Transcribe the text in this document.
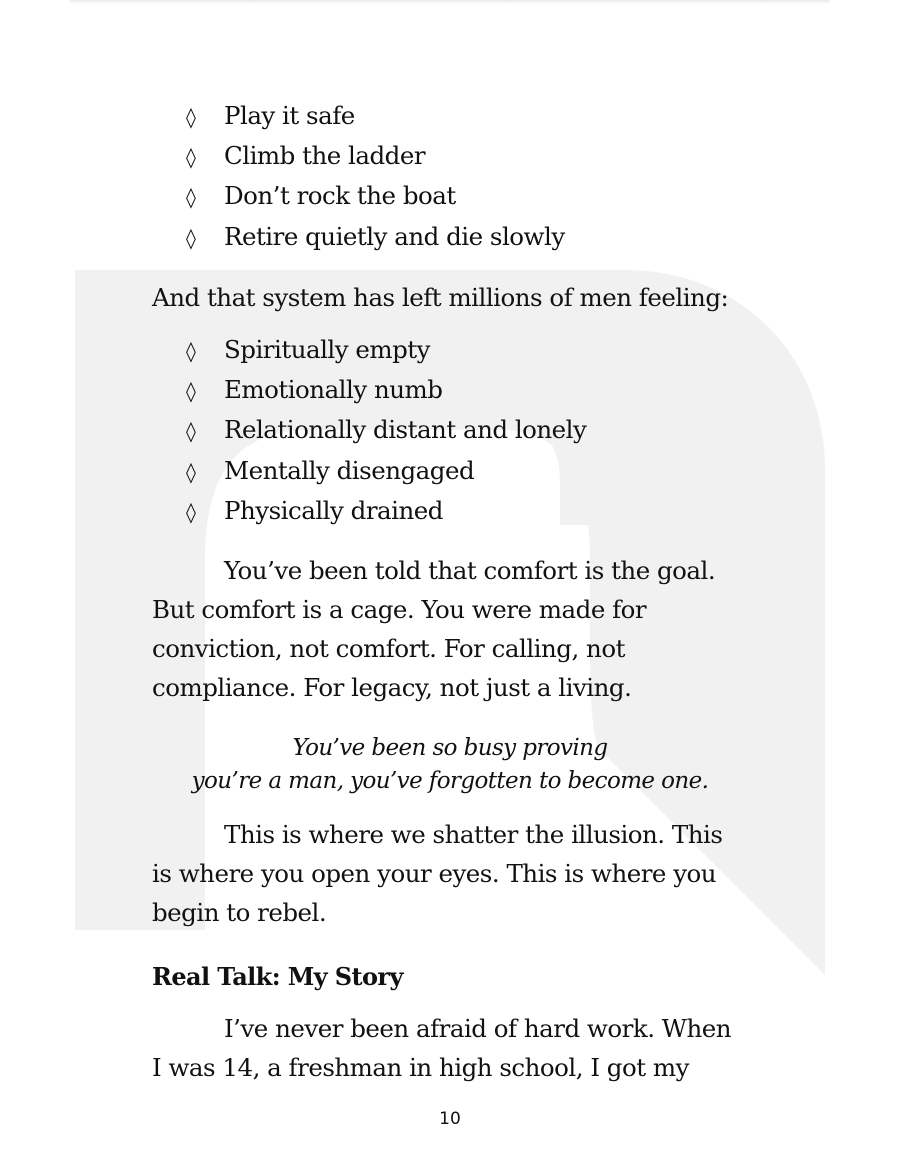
◊ Play it safe
◊ Climb the ladder
◊ Don’t rock the boat
◊ Retire quietly and die slowly
And that system has left millions of men feeling:
◊ Spiritually empty
◊ Emotionally numb
◊ Relationally distant and lonely
◊ Mentally disengaged
◊ Physically drained
You’ve been told that comfort is the goal.
But comfort is a cage. You were made for
conviction, not comfort. For calling, not
compliance. For legacy, not just a living.
You’ve been so busy proving
you’re a man, you’ve forgotten to become one.
This is where we shatter the illusion. This
is where you open your eyes. This is where you
begin to rebel.
Real Talk: My Story
I’ve never been afraid of hard work. When
I was 14, a freshman in high school, I got my
10
